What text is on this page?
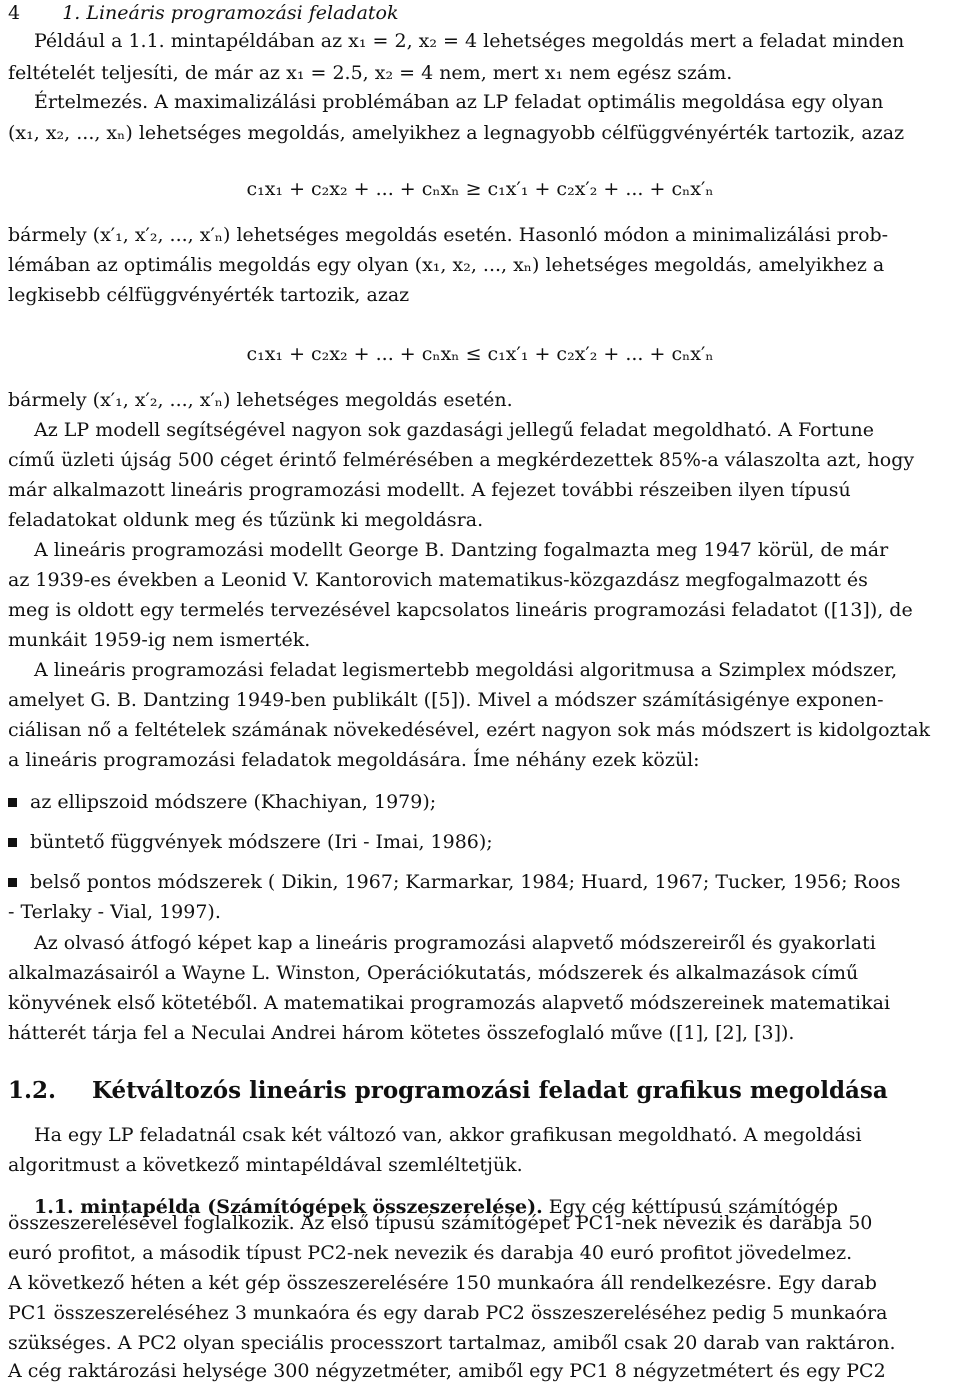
4 1. Lineáris programozási feladatok
Például a 1.1. mintapéldában az x₁ = 2, x₂ = 4 lehetséges megoldás mert a feladat minden
feltételét teljesíti, de már az x₁ = 2.5, x₂ = 4 nem, mert x₁ nem egész szám.
Értelmezés. A maximalizálási problémában az LP feladat optimális megoldása egy olyan
(x₁, x₂, ..., xₙ) lehetséges megoldás, amelyikhez a legnagyobb célfüggvényérték tartozik, azaz
c₁x₁ + c₂x₂ + ... + cₙxₙ ≥ c₁x′₁ + c₂x′₂ + ... + cₙx′ₙ
bármely (x′₁, x′₂, ..., x′ₙ) lehetséges megoldás esetén. Hasonló módon a minimalizálási prob-
lémában az optimális megoldás egy olyan (x₁, x₂, ..., xₙ) lehetséges megoldás, amelyikhez a
legkisebb célfüggvényérték tartozik, azaz
c₁x₁ + c₂x₂ + ... + cₙxₙ ≤ c₁x′₁ + c₂x′₂ + ... + cₙx′ₙ
bármely (x′₁, x′₂, ..., x′ₙ) lehetséges megoldás esetén.
Az LP modell segítségével nagyon sok gazdasági jellegű feladat megoldható. A Fortune
című üzleti újság 500 céget érintő felmérésében a megkérdezettek 85%-a válaszolta azt, hogy
már alkalmazott lineáris programozási modellt. A fejezet további részeiben ilyen típusú
feladatokat oldunk meg és tűzünk ki megoldásra.
A lineáris programozási modellt George B. Dantzing fogalmazta meg 1947 körül, de már
az 1939-es években a Leonid V. Kantorovich matematikus-közgazdász megfogalmazott és
meg is oldott egy termelés tervezésével kapcsolatos lineáris programozási feladatot ([13]), de
munkáit 1959-ig nem ismerték.
A lineáris programozási feladat legismertebb megoldási algoritmusa a Szimplex módszer,
amelyet G. B. Dantzing 1949-ben publikált ([5]). Mivel a módszer számításigénye exponen-
ciálisan nő a feltételek számának növekedésével, ezért nagyon sok más módszert is kidolgoztak
a lineáris programozási feladatok megoldására. Íme néhány ezek közül:
az ellipszoid módszere (Khachiyan, 1979);
büntető függvények módszere (Iri - Imai, 1986);
belső pontos módszerek ( Dikin, 1967; Karmarkar, 1984; Huard, 1967; Tucker, 1956; Roos
- Terlaky - Vial, 1997).
Az olvasó átfogó képet kap a lineáris programozási alapvető módszereiről és gyakorlati
alkalmazásairól a Wayne L. Winston, Operációkutatás, módszerek és alkalmazások című
könyvének első kötetéből. A matematikai programozás alapvető módszereinek matematikai
hátterét tárja fel a Neculai Andrei három kötetes összefoglaló műve ([1], [2], [3]).
1.2. Kétváltozós lineáris programozási feladat grafikus megoldása
Ha egy LP feladatnál csak két változó van, akkor grafikusan megoldható. A megoldási
algoritmust a következő mintapéldával szemléltetjük.
1.1. mintapélda (Számítógépek összeszerelése). Egy cég kéttípusú számítógép
összeszerelésével foglalkozik. Az első típusú számítógépet PC1-nek nevezik és darabja 50
euró profitot, a második típust PC2-nek nevezik és darabja 40 euró profitot jövedelmez.
A következő héten a két gép összeszerelésére 150 munkaóra áll rendelkezésre. Egy darab
PC1 összeszereléséhez 3 munkaóra és egy darab PC2 összeszereléséhez pedig 5 munkaóra
szükséges. A PC2 olyan speciális processzort tartalmaz, amiből csak 20 darab van raktáron.
A cég raktározási helysége 300 négyzetméter, amiből egy PC1 8 négyzetmétert és egy PC2
